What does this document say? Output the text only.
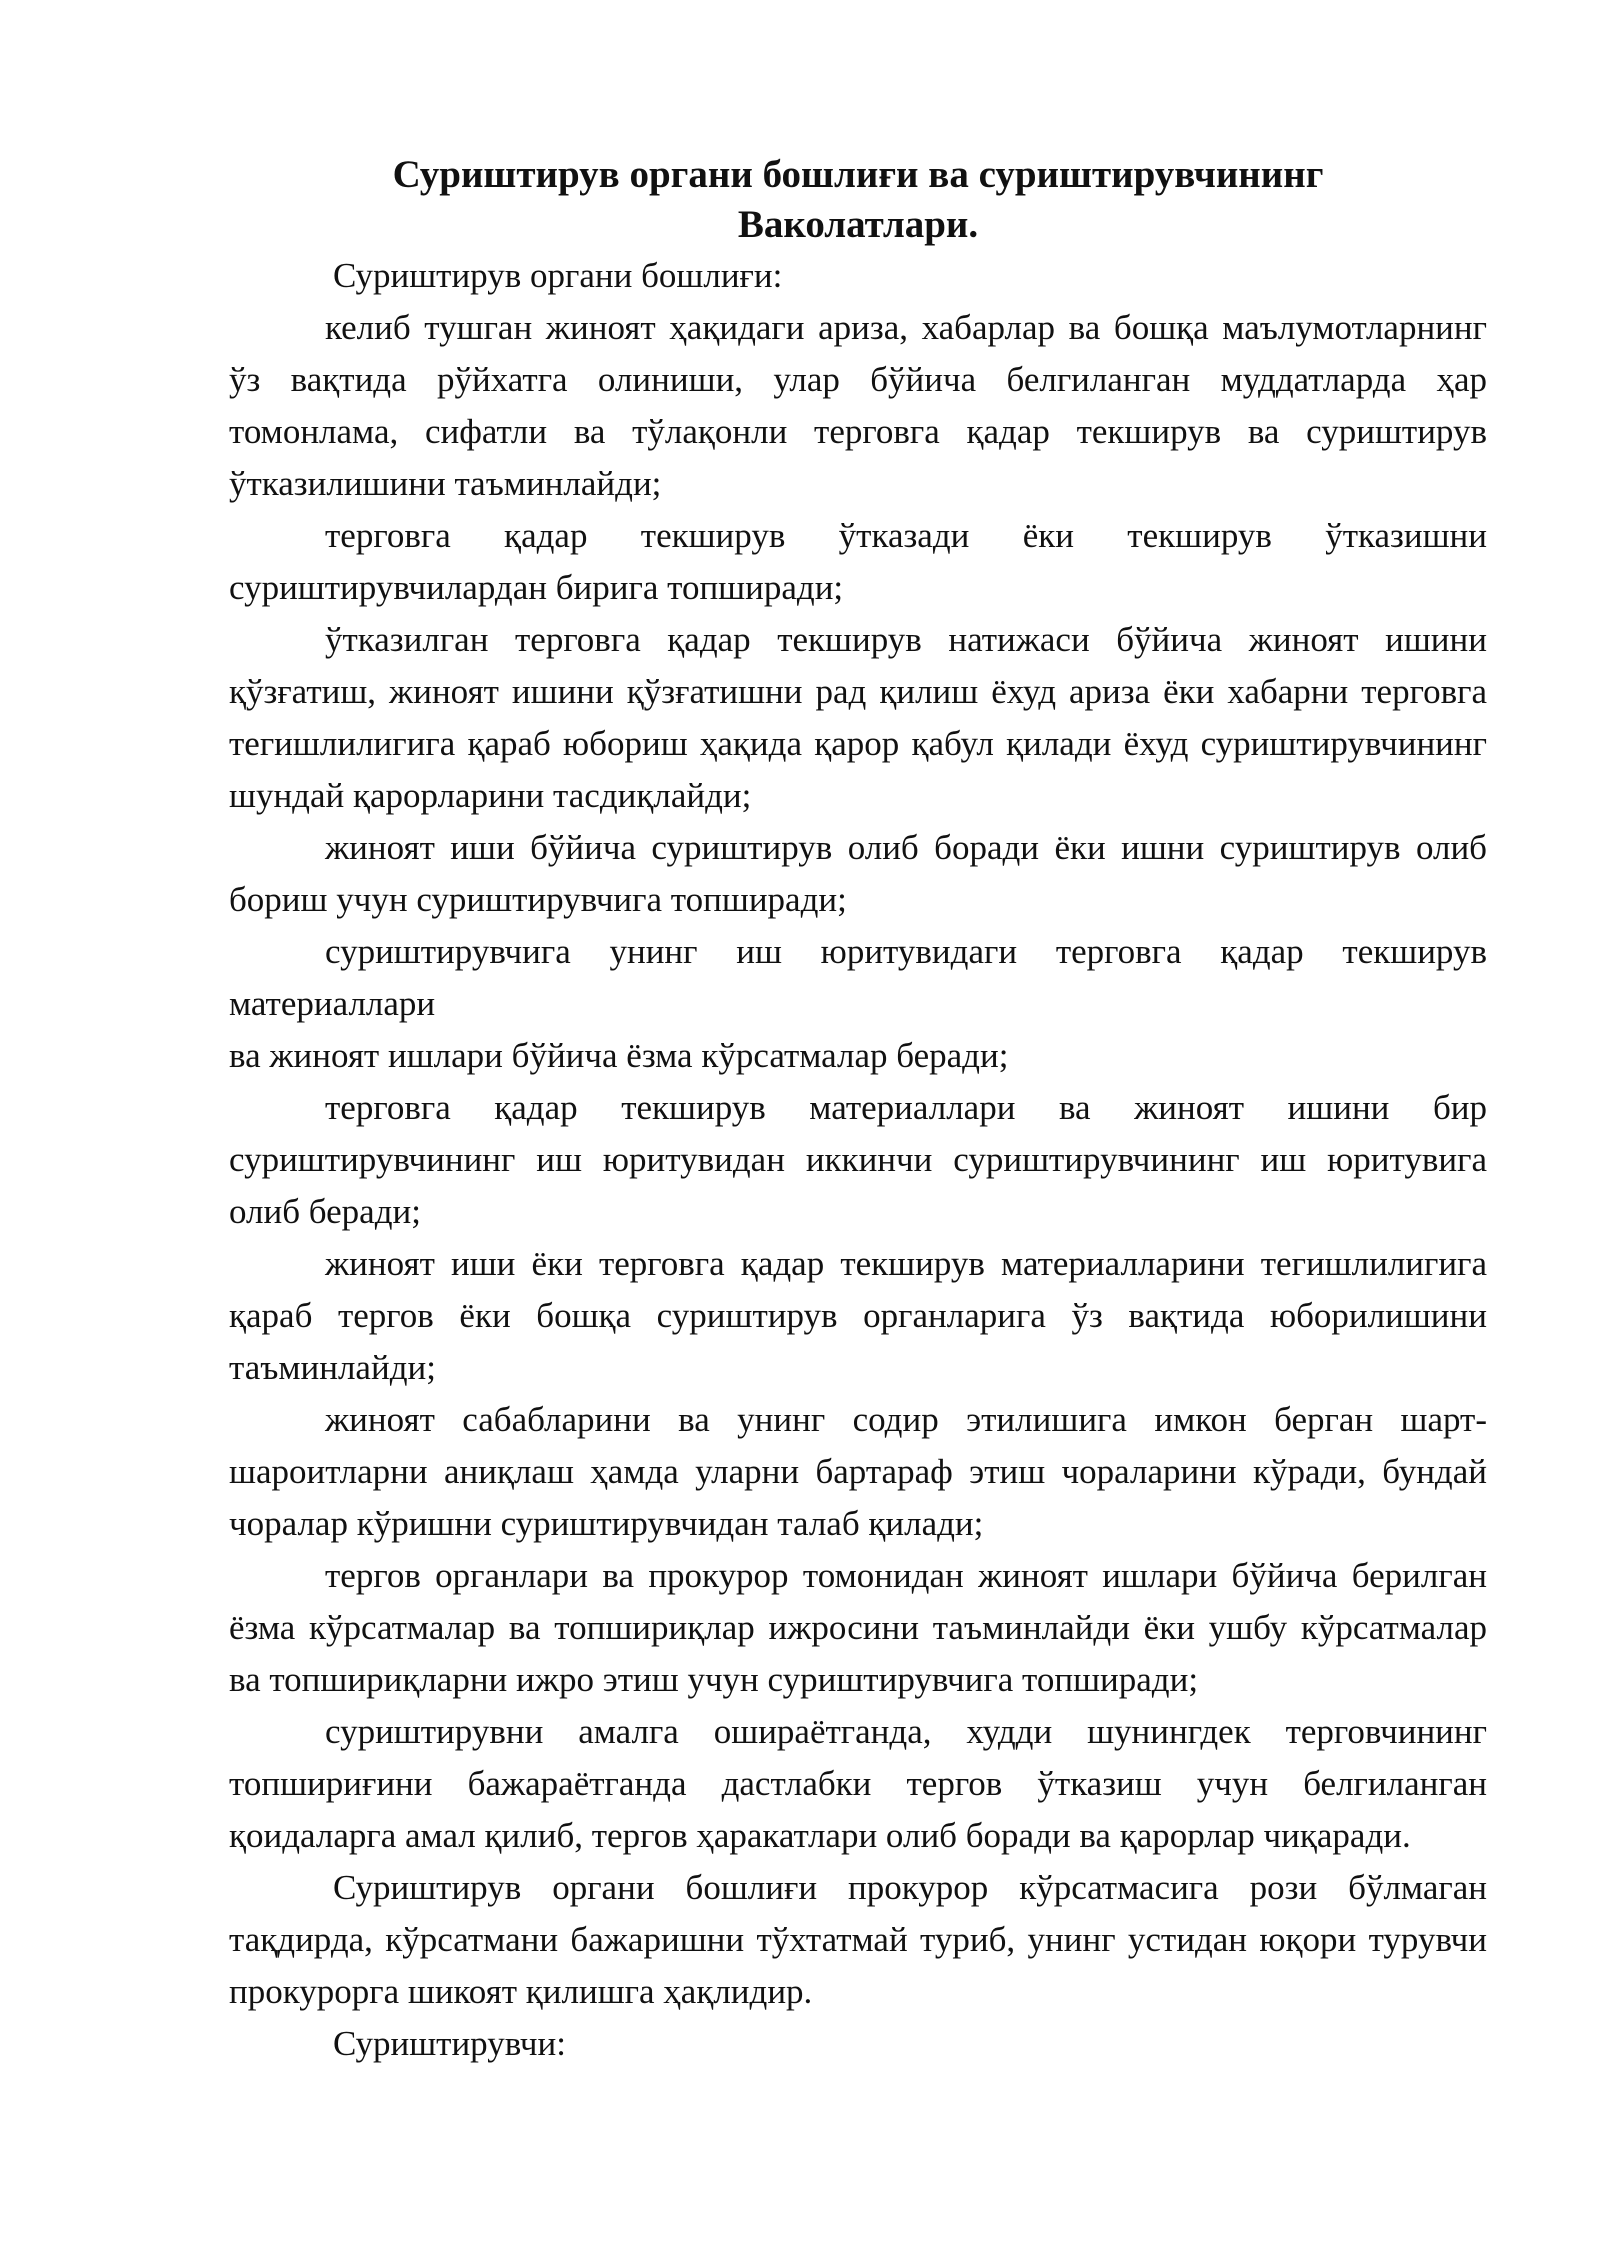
Суриштирув органи бошлиғи ва суриштирувчининг
Ваколатлари.

Суриштирув органи бошлиғи:

келиб тушган жиноят ҳақидаги ариза, хабарлар ва бошқа маълумотларнинг ўз вақтида рўйхатга олиниши, улар бўйича белгиланган муддатларда ҳар томонлама, сифатли ва тўлақонли терговга қадар текширув ва суриштирув ўтказилишини таъминлайди;

терговга қадар текширув ўтказади ёки текширув ўтказишни суриштирувчилардан бирига топширади;

ўтказилган терговга қадар текширув натижаси бўйича жиноят ишини қўзғатиш, жиноят ишини қўзғатишни рад қилиш ёхуд ариза ёки хабарни терговга тегишлилигига қараб юбориш ҳақида қарор қабул қилади ёхуд суриштирувчининг шундай қарорларини тасдиқлайди;

жиноят иши бўйича суриштирув олиб боради ёки ишни суриштирув олиб бориш учун суриштирувчига топширади;

суриштирувчига унинг иш юритувидаги терговга қадар текширув

материаллари

ва жиноят ишлари бўйича ёзма кўрсатмалар беради;

терговга қадар текширув материаллари ва жиноят ишини бир суриштирувчининг иш юритувидан иккинчи суриштирувчининг иш юритувига олиб беради;

жиноят иши ёки терговга қадар текширув материалларини тегишлилигига қараб тергов ёки бошқа суриштирув органларига ўз вақтида юборилишини таъминлайди;

жиноят сабабларини ва унинг содир этилишига имкон берган шарт-шароитларни аниқлаш ҳамда уларни бартараф этиш чораларини кўради, бундай чоралар кўришни суриштирувчидан талаб қилади;

тергов органлари ва прокурор томонидан жиноят ишлари бўйича берилган ёзма кўрсатмалар ва топшириқлар ижросини таъминлайди ёки ушбу кўрсатмалар ва топшириқларни ижро этиш учун суриштирувчига топширади;

суриштирувни амалга ошираётганда, худди шунингдек терговчининг топшириғини бажараётганда дастлабки тергов ўтказиш учун белгиланган қоидаларга амал қилиб, тергов ҳаракатлари олиб боради ва қарорлар чиқаради.

Суриштирув органи бошлиғи прокурор кўрсатмасига рози бўлмаган тақдирда, кўрсатмани бажаришни тўхтатмай туриб, унинг устидан юқори турувчи прокурорга шикоят қилишга ҳақлидир.

Суриштирувчи:
